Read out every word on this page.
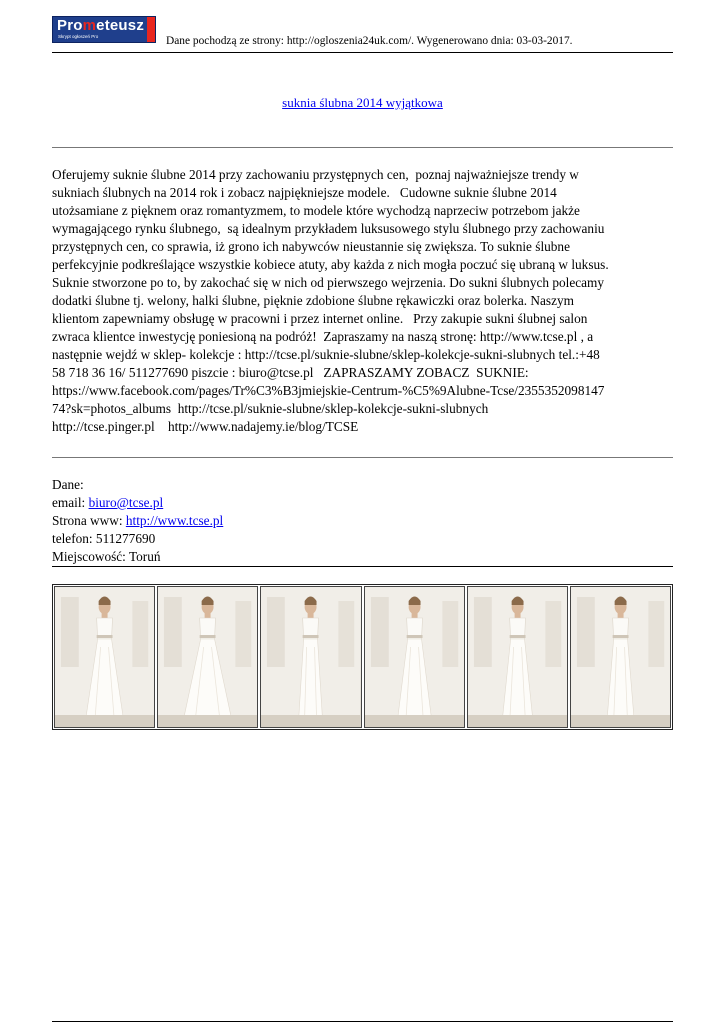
Prometeusz
Skrypt ogłoszeń Pro	Dane pochodzą ze strony: http://ogloszenia24uk.com/. Wygenerowano dnia: 03-03-2017.
suknia ślubna 2014 wyjątkowa
Oferujemy suknie ślubne 2014 przy zachowaniu przystępnych cen,  poznaj najważniejsze trendy w
sukniach ślubnych na 2014 rok i zobacz najpiękniejsze modele.   Cudowne suknie ślubne 2014
utożsamiane z pięknem oraz romantyzmem, to modele które wychodzą naprzeciw potrzebom jakże
wymagającego rynku ślubnego,  są idealnym przykładem luksusowego stylu ślubnego przy zachowaniu
przystępnych cen, co sprawia, iż grono ich nabywców nieustannie się zwiększa. To suknie ślubne
perfekcyjnie podkreślające wszystkie kobiece atuty, aby każda z nich mogła poczuć się ubraną w luksus.
Suknie stworzone po to, by zakochać się w nich od pierwszego wejrzenia. Do sukni ślubnych polecamy
dodatki ślubne tj. welony, halki ślubne, pięknie zdobione ślubne rękawiczki oraz bolerka. Naszym
klientom zapewniamy obsługę w pracowni i przez internet online.   Przy zakupie sukni ślubnej salon
zwraca klientce inwestycję poniesioną na podróż!  Zapraszamy na naszą stronę: http://www.tcse.pl , a
następnie wejdź w sklep- kolekcje : http://tcse.pl/suknie-slubne/sklep-kolekcje-sukni-slubnych tel.:+48
58 718 36 16/ 511277690 piszcie : biuro@tcse.pl   ZAPRASZAMY ZOBACZ  SUKNIE:
https://www.facebook.com/pages/Tr%C3%B3jmiejskie-Centrum-%C5%9Alubne-Tcse/2355352098147
74?sk=photos_albums  http://tcse.pl/suknie-slubne/sklep-kolekcje-sukni-slubnych
http://tcse.pinger.pl    http://www.nadajemy.ie/blog/TCSE
Dane:
email: biuro@tcse.pl
Strona www: http://www.tcse.pl
telefon: 511277690
Miejscowość: Toruń
